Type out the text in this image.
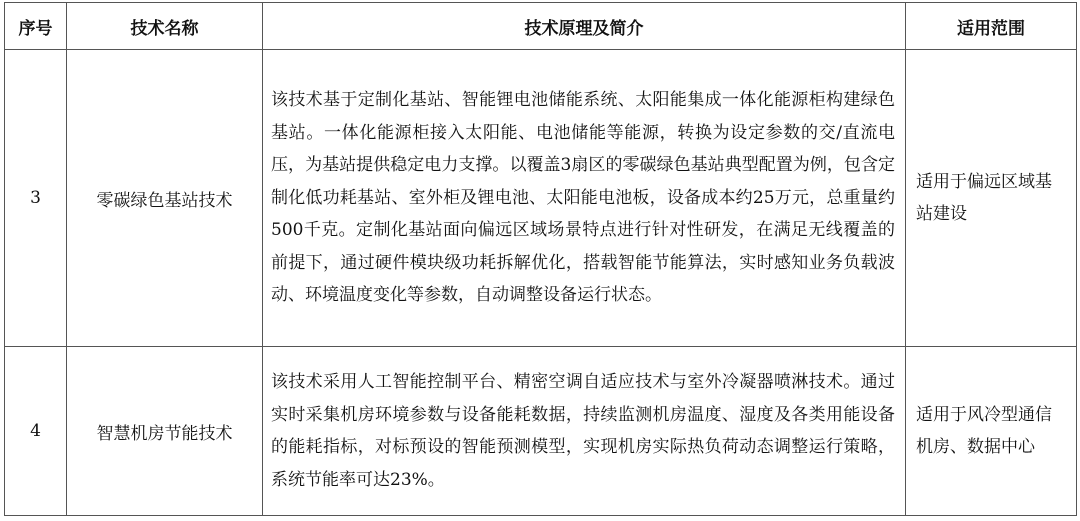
序号	技术名称	技术原理及简介	适用范围
3	零碳绿色基站技术	该技术基于定制化基站、智能锂电池储能系统、太阳能集成一体化能源柜构建绿色基站。一体化能源柜接入太阳能、电池储能等能源，转换为设定参数的交/直流电压，为基站提供稳定电力支撑。以覆盖3扇区的零碳绿色基站典型配置为例，包含定制化低功耗基站、室外柜及锂电池、太阳能电池板，设备成本约25万元，总重量约500千克。定制化基站面向偏远区域场景特点进行针对性研发，在满足无线覆盖的前提下，通过硬件模块级功耗拆解优化，搭载智能节能算法，实时感知业务负载波动、环境温度变化等参数，自动调整设备运行状态。	适用于偏远区域基站建设
4	智慧机房节能技术	该技术采用人工智能控制平台、精密空调自适应技术与室外冷凝器喷淋技术。通过实时采集机房环境参数与设备能耗数据，持续监测机房温度、湿度及各类用能设备的能耗指标，对标预设的智能预测模型，实现机房实际热负荷动态调整运行策略，系统节能率可达23%。	适用于风冷型通信机房、数据中心
